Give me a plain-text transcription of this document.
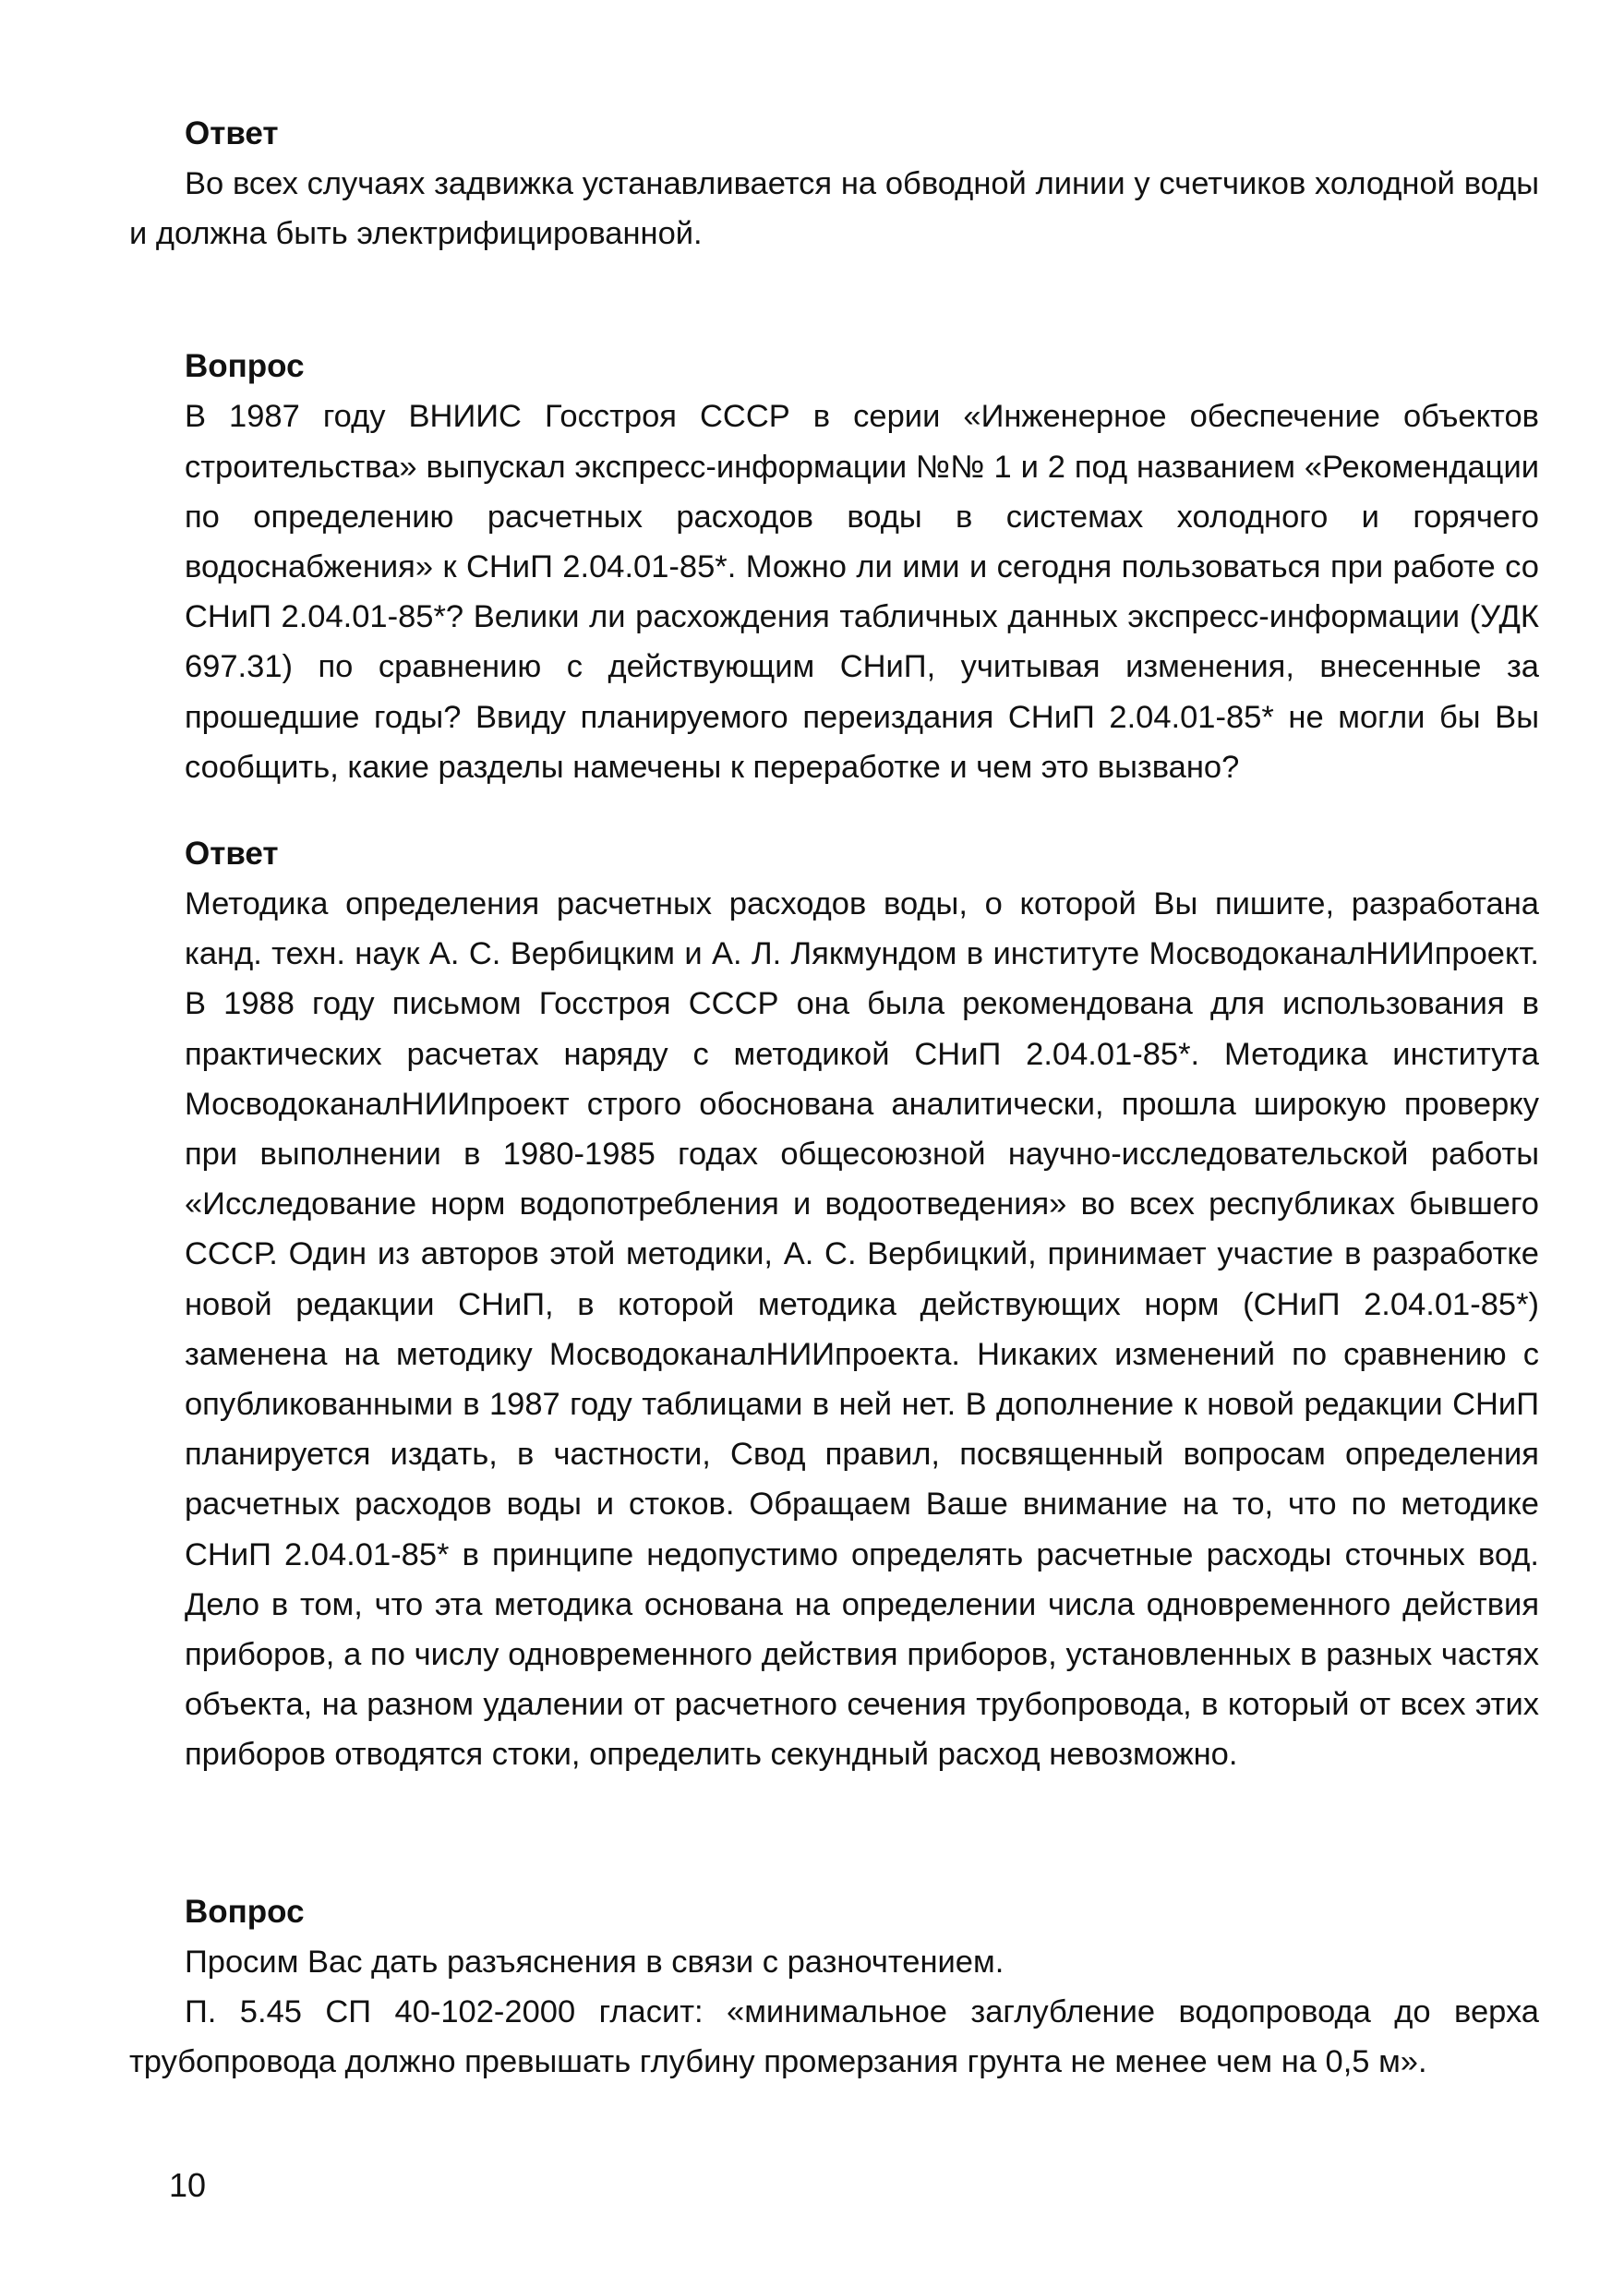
Ответ

Во всех случаях задвижка устанавливается на обводной линии у счетчиков холодной воды и должна быть электрифицированной.

Вопрос

В 1987 году ВНИИС Госстроя СССР в серии «Инженерное обеспечение объектов строительства» выпускал экспресс-информации №№ 1 и 2 под названием «Рекомендации по определению расчетных расходов воды в системах холодного и горячего водоснабжения» к СНиП 2.04.01-85*. Можно ли ими и сегодня пользоваться при работе со СНиП 2.04.01-85*? Велики ли расхождения табличных данных экспресс-информации (УДК 697.31) по сравнению с действующим СНиП, учитывая изменения, внесенные за прошедшие годы? Ввиду планируемого переиздания СНиП 2.04.01-85* не могли бы Вы сообщить, какие разделы намечены к переработке и чем это вызвано?

Ответ

Методика определения расчетных расходов воды, о которой Вы пишите, разработана канд. техн. наук А. С. Вербицким и А. Л. Лякмундом в институте МосводоканалНИИпроект. В 1988 году письмом Госстроя СССР она была рекомендована для использования в практических расчетах наряду с методикой СНиП 2.04.01-85*. Методика института МосводоканалНИИпроект строго обоснована аналитически, прошла широкую проверку при выполнении в 1980-1985 годах общесоюзной научно-исследовательской работы «Исследование норм водопотребления и водоотведения» во всех республиках бывшего СССР. Один из авторов этой методики, А. С. Вербицкий, принимает участие в разработке новой редакции СНиП, в которой методика действующих норм (СНиП 2.04.01-85*) заменена на методику МосводоканалНИИпроекта. Никаких изменений по сравнению с опубликованными в 1987 году таблицами в ней нет. В дополнение к новой редакции СНиП планируется издать, в частности, Свод правил, посвященный вопросам определения расчетных расходов воды и стоков. Обращаем Ваше внимание на то, что по методике СНиП 2.04.01-85* в принципе недопустимо определять расчетные расходы сточных вод. Дело в том, что эта методика основана на определении числа одновременного действия приборов, а по числу одновременного действия приборов, установленных в разных частях объекта, на разном удалении от расчетного сечения трубопровода, в который от всех этих приборов отводятся стоки, определить секундный расход невозможно.

Вопрос

Просим Вас дать разъяснения в связи с разночтением.

П. 5.45 СП 40-102-2000 гласит: «минимальное заглубление водопровода до верха трубопровода должно превышать глубину промерзания грунта не менее чем на 0,5 м».

10
